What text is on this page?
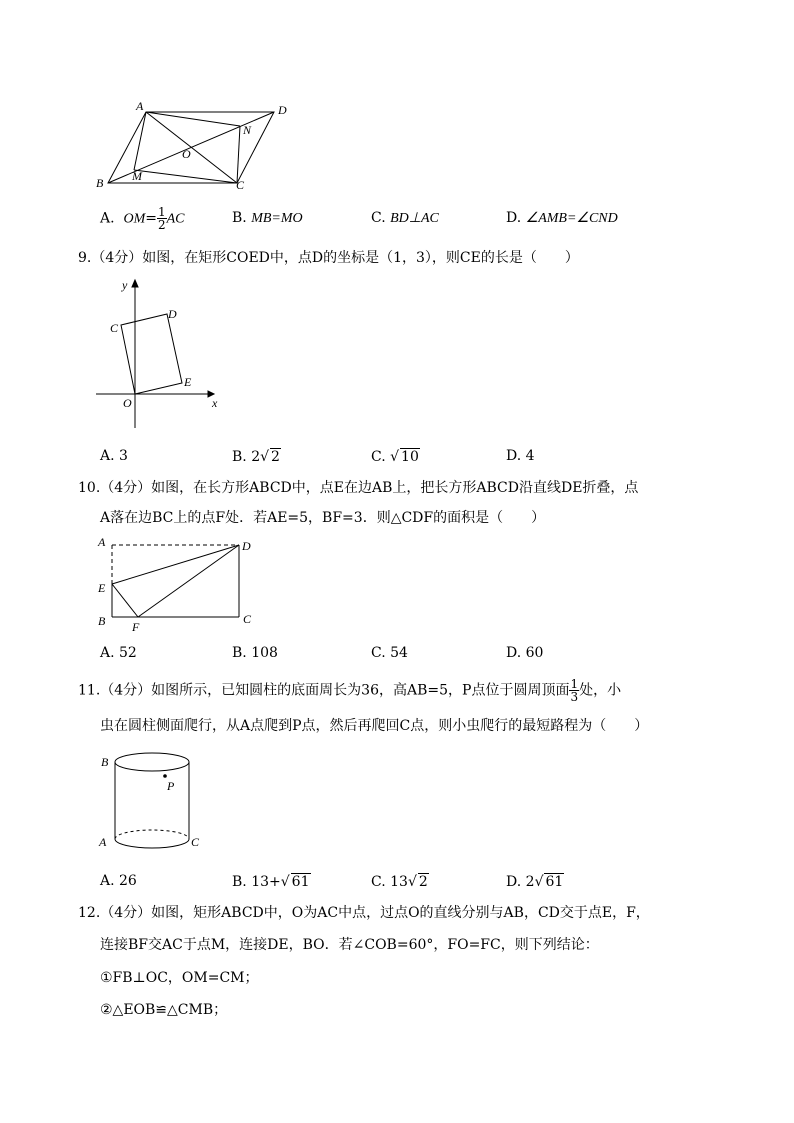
A	D
N
O
B M
C
A. $OM= \frac{1}{2}$ AC	B. MB=MO	C. BD⊥AC	D. ∠AMB=∠CND
9.（4分）如图，在矩形COED中，点D的坐标是（1，3），则CE的长是（　　）
y
x
C
D
E
O
A. 3	B. 2√ 2	C. √ 10	D. 4
10.（4分）如图，在长方形ABCD中，点E在边AB上，把长方形ABCD沿直线DE折叠，点
A落在边BC上的点F处．若AE=5，BF=3．则△CDF的面积是（　　）
A	D
E
B F
C
A. 52	B. 108	C. 54	D. 60
11.（4分）如图所示，已知圆柱的底面周长为36，高AB=5，P点位于圆周顶面 $\frac{1}{3}$ 处，小
虫在圆柱侧面爬行，从A点爬到P点，然后再爬回C点，则小虫爬行的最短路程为（　　）
B
P
A	C
A. 26	B. 13+√ 61	C. 13√ 2	D. 2√ 61
12.（4分）如图，矩形ABCD中，O为AC中点，过点O的直线分别与AB，CD交于点E，F，
连接BF交AC于点M，连接DE，BO．若∠COB=60°，FO=FC，则下列结论：
①FB⊥OC，OM=CM；
②△EOB≌△CMB；
